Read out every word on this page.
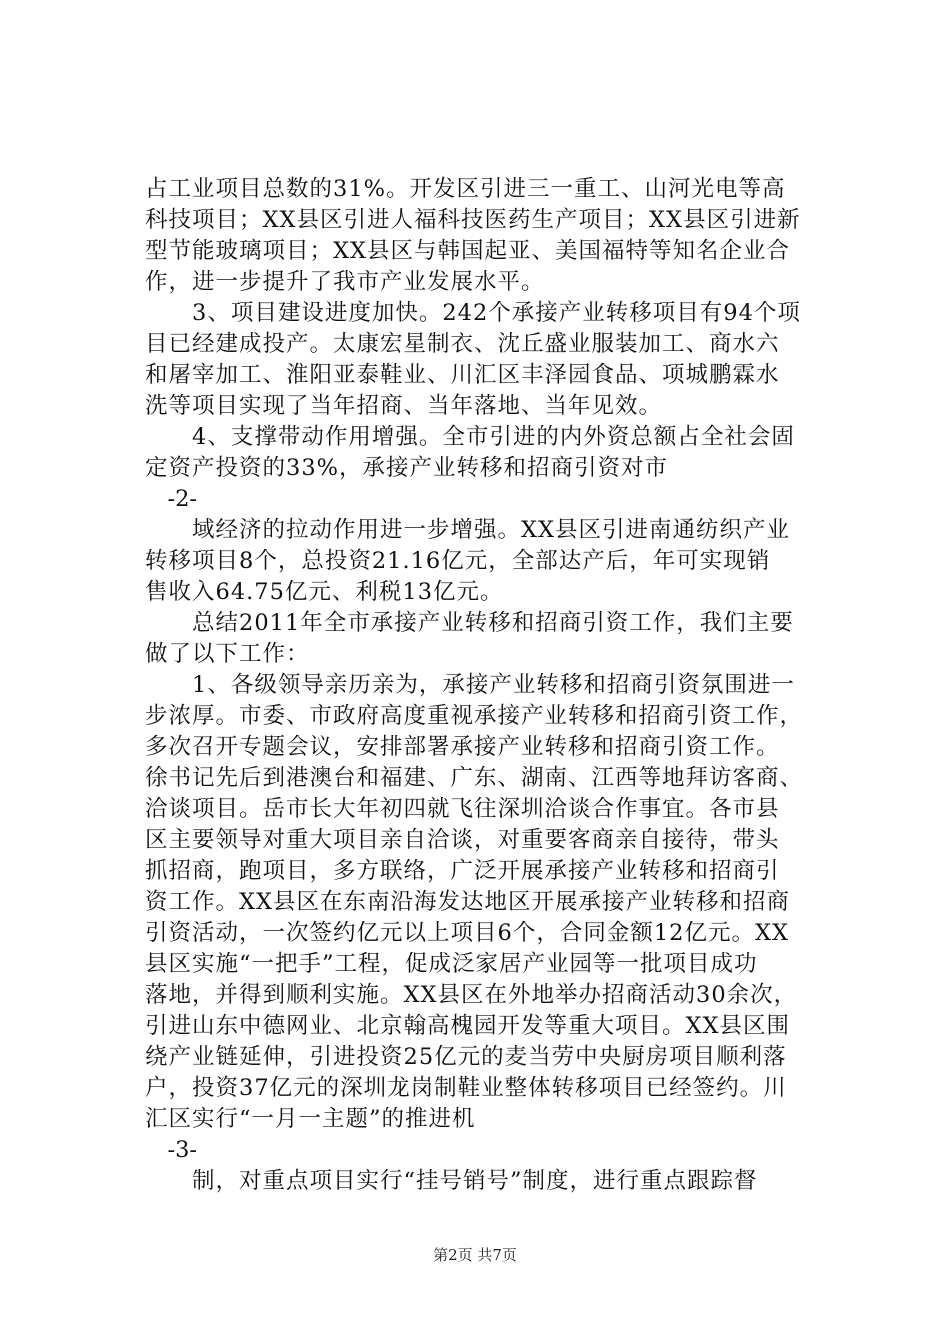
占工业项目总数的31%。开发区引进三一重工、山河光电等高
科技项目；XX县区引进人福科技医药生产项目；XX县区引进新
型节能玻璃项目；XX县区与韩国起亚、美国福特等知名企业合
作，进一步提升了我市产业发展水平。
　　3、项目建设进度加快。242个承接产业转移项目有94个项
目已经建成投产。太康宏星制衣、沈丘盛业服装加工、商水六
和屠宰加工、淮阳亚泰鞋业、川汇区丰泽园食品、项城鹏霖水
洗等项目实现了当年招商、当年落地、当年见效。
　　4、支撑带动作用增强。全市引进的内外资总额占全社会固
定资产投资的33%，承接产业转移和招商引资对市
　-2-
　　域经济的拉动作用进一步增强。XX县区引进南通纺织产业
转移项目8个，总投资21.16亿元，全部达产后，年可实现销
售收入64.75亿元、利税13亿元。
　　总结2011年全市承接产业转移和招商引资工作，我们主要
做了以下工作：
　　1、各级领导亲历亲为，承接产业转移和招商引资氛围进一
步浓厚。市委、市政府高度重视承接产业转移和招商引资工作，
多次召开专题会议，安排部署承接产业转移和招商引资工作。
徐书记先后到港澳台和福建、广东、湖南、江西等地拜访客商、
洽谈项目。岳市长大年初四就飞往深圳洽谈合作事宜。各市县
区主要领导对重大项目亲自洽谈，对重要客商亲自接待，带头
抓招商，跑项目，多方联络，广泛开展承接产业转移和招商引
资工作。XX县区在东南沿海发达地区开展承接产业转移和招商
引资活动，一次签约亿元以上项目6个，合同金额12亿元。XX
县区实施“一把手”工程，促成泛家居产业园等一批项目成功
落地，并得到顺利实施。XX县区在外地举办招商活动30余次，
引进山东中德网业、北京翰高槐园开发等重大项目。XX县区围
绕产业链延伸，引进投资25亿元的麦当劳中央厨房项目顺利落
户，投资37亿元的深圳龙岗制鞋业整体转移项目已经签约。川
汇区实行“一月一主题”的推进机
　-3-
　　制，对重点项目实行“挂号销号”制度，进行重点跟踪督
第2页 共7页
